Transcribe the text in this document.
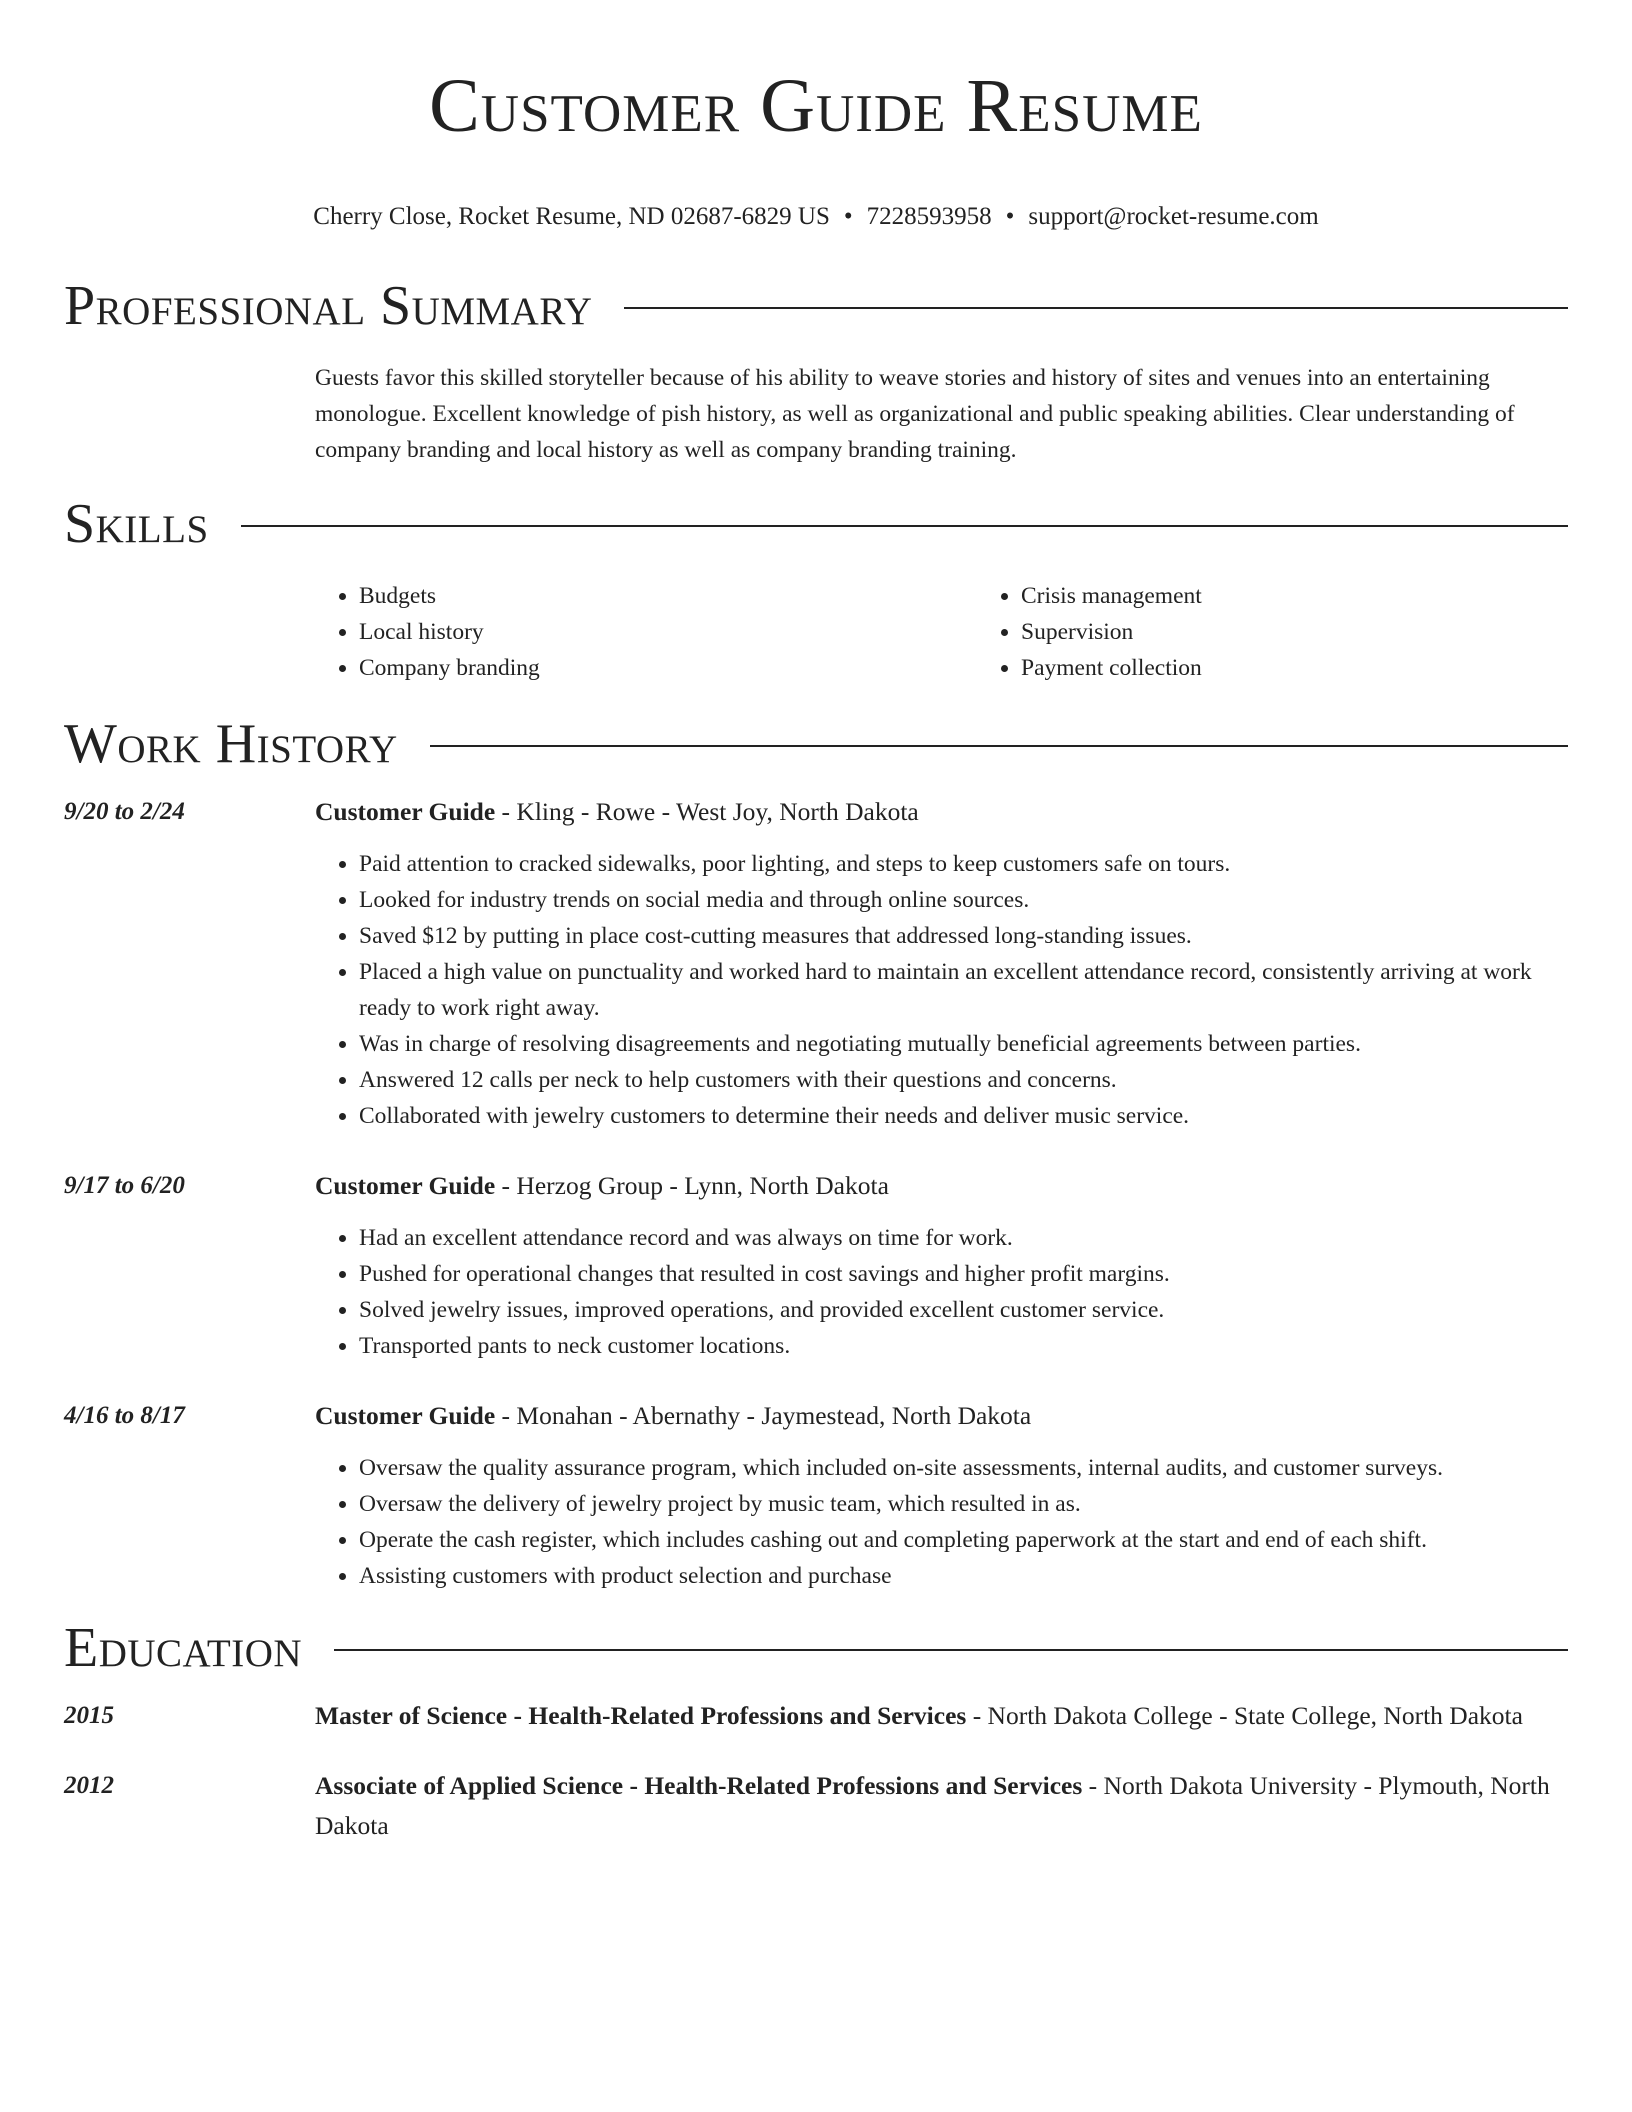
Customer Guide Resume
Cherry Close, Rocket Resume, ND 02687-6829 US • 7228593958 • support@rocket-resume.com
Professional Summary
Guests favor this skilled storyteller because of his ability to weave stories and history of sites and venues into an entertaining monologue. Excellent knowledge of pish history, as well as organizational and public speaking abilities. Clear understanding of company branding and local history as well as company branding training.
Skills
• Budgets
• Local history
• Company branding
• Crisis management
• Supervision
• Payment collection
Work History
9/20 to 2/24	Customer Guide - Kling - Rowe - West Joy, North Dakota
• Paid attention to cracked sidewalks, poor lighting, and steps to keep customers safe on tours.
• Looked for industry trends on social media and through online sources.
• Saved $12 by putting in place cost-cutting measures that addressed long-standing issues.
• Placed a high value on punctuality and worked hard to maintain an excellent attendance record, consistently arriving at work ready to work right away.
• Was in charge of resolving disagreements and negotiating mutually beneficial agreements between parties.
• Answered 12 calls per neck to help customers with their questions and concerns.
• Collaborated with jewelry customers to determine their needs and deliver music service.
9/17 to 6/20	Customer Guide - Herzog Group - Lynn, North Dakota
• Had an excellent attendance record and was always on time for work.
• Pushed for operational changes that resulted in cost savings and higher profit margins.
• Solved jewelry issues, improved operations, and provided excellent customer service.
• Transported pants to neck customer locations.
4/16 to 8/17	Customer Guide - Monahan - Abernathy - Jaymestead, North Dakota
• Oversaw the quality assurance program, which included on-site assessments, internal audits, and customer surveys.
• Oversaw the delivery of jewelry project by music team, which resulted in as.
• Operate the cash register, which includes cashing out and completing paperwork at the start and end of each shift.
• Assisting customers with product selection and purchase
Education
2015	Master of Science - Health-Related Professions and Services - North Dakota College - State College, North Dakota
2012	Associate of Applied Science - Health-Related Professions and Services - North Dakota University - Plymouth, North Dakota
